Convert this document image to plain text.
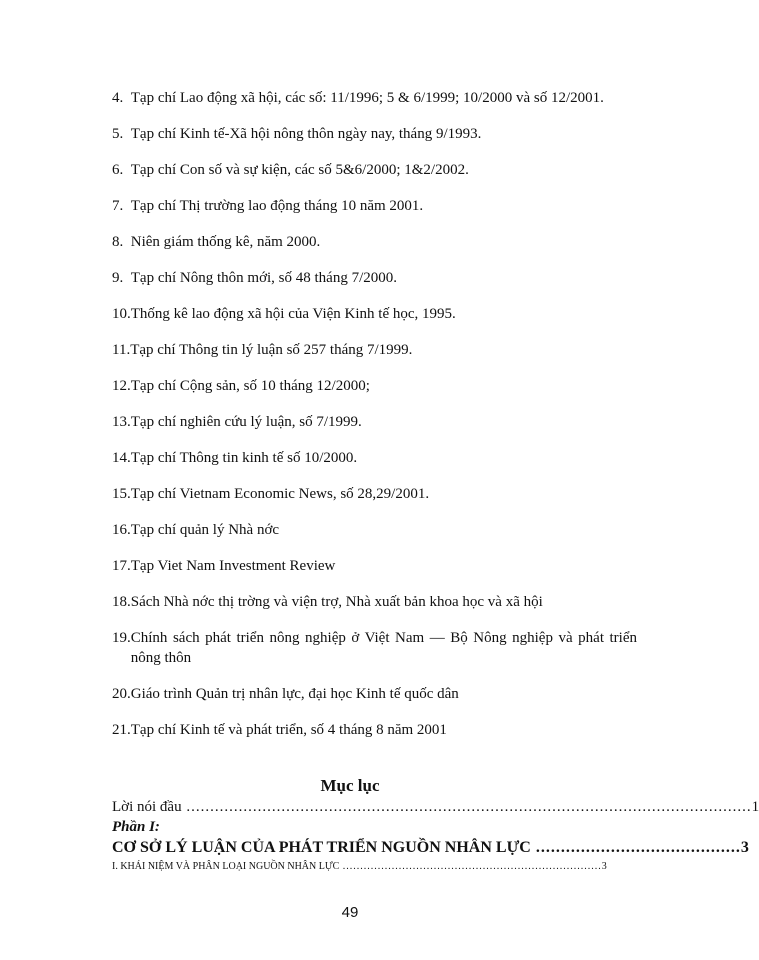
4. Tạp chí Lao động xã hội, các số: 11/1996; 5 & 6/1999; 10/2000 và số 12/2001.
5. Tạp chí Kinh tế-Xã hội nông thôn ngày nay, tháng 9/1993.
6. Tạp chí Con số và sự kiện, các số 5&6/2000; 1&2/2002.
7. Tạp chí Thị trường lao động tháng 10 năm 2001.
8. Niên giám thống kê, năm 2000.
9. Tạp chí Nông thôn mới, số 48 tháng 7/2000.
10. Thống kê lao động xã hội của Viện Kinh tế học, 1995.
11. Tạp chí Thông tin lý luận số 257 tháng 7/1999.
12. Tạp chí Cộng sản, số 10 tháng 12/2000;
13. Tạp chí nghiên cứu lý luận, số 7/1999.
14. Tạp chí Thông tin kinh tế số 10/2000.
15. Tạp chí Vietnam Economic News, số 28,29/2001.
16. Tạp chí quản lý Nhà nớc
17. Tạp Viet Nam Investment Review
18. Sách Nhà nớc thị trờng và viện trợ, Nhà xuất bản khoa học và xã hội
19. Chính sách phát triển nông nghiệp ở Việt Nam — Bộ Nông nghiệp và phát triển nông thôn
20. Giáo trình Quản trị nhân lực, đại học Kinh tế quốc dân
21. Tạp chí Kinh tế và phát triển, số 4 tháng 8 năm 2001
Mục lục
Lời nói đầu ....................................................................................................................... 1
Phần I:
CƠ SỞ LÝ LUẬN CỦA PHÁT TRIỂN NGUỒN NHÂN LỰC ......................................... 3
I. KHÁI NIỆM VÀ PHÂN LOẠI NGUỒN NHÂN LỰC .......................................................................... 3
49
